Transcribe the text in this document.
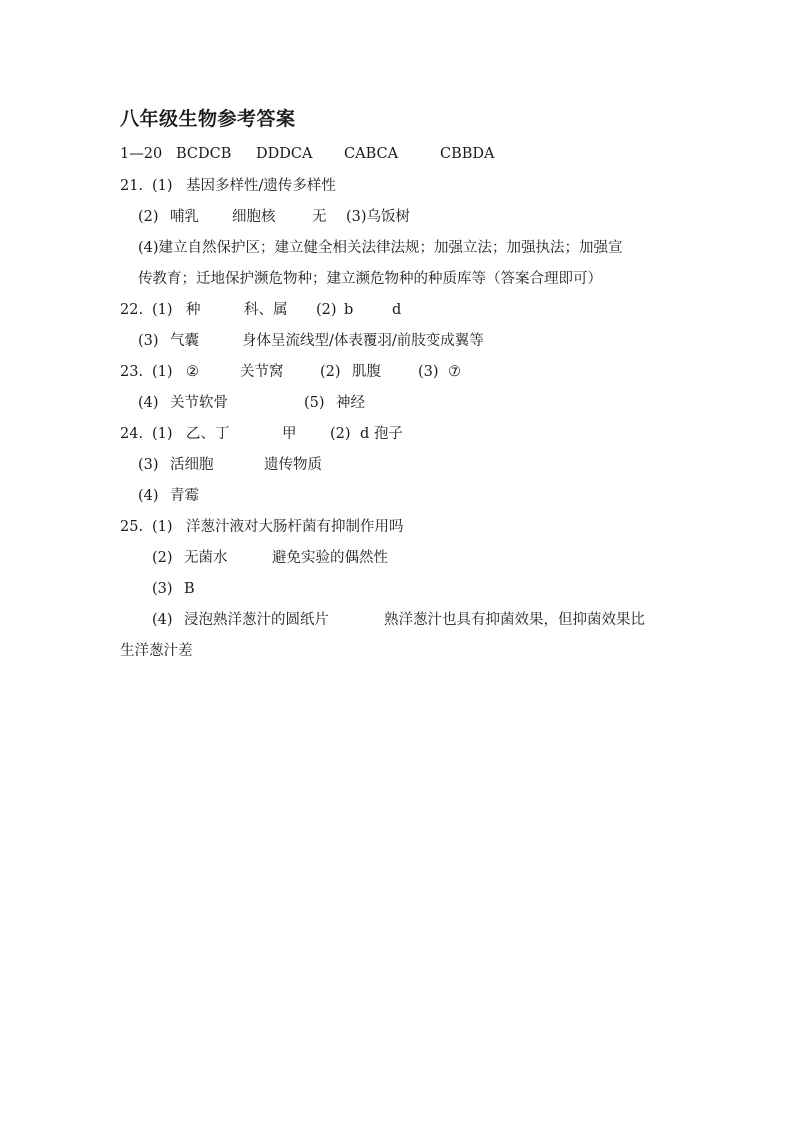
八年级生物参考答案

1—20

BCDCB

DDDCA

CABCA

	CBBDA

21.

(1)

基因多样性/遗传多样性

(2)

哺乳

细胞核

	无

(3)乌饭树

(4)建立自然保护区；建立健全相关法律法规；加强立法；加强执法；加强宣

传教育；迁地保护濒危物种；建立濒危物种的种质库等（答案合理即可）

22.

(1)

种

	科、属

(2)

b

	d

(3)

气囊

	身体呈流线型/体表覆羽/前肢变成翼等

23.

(1)

②

	关节窝

	(2)

肌腹

	(3)

⑦

(4)

关节软骨

	(5)

神经

24.

(1)

乙、丁

	甲

(2)

d 孢子

(3)

活细胞

	遗传物质

(4)

青霉

25.

(1)

洋葱汁液对大肠杆菌有抑制作用吗

(2)

无菌水

	避免实验的偶然性

(3)

B

(4)

浸泡熟洋葱汁的圆纸片

	熟洋葱汁也具有抑菌效果，但抑菌效果比

生洋葱汁差
